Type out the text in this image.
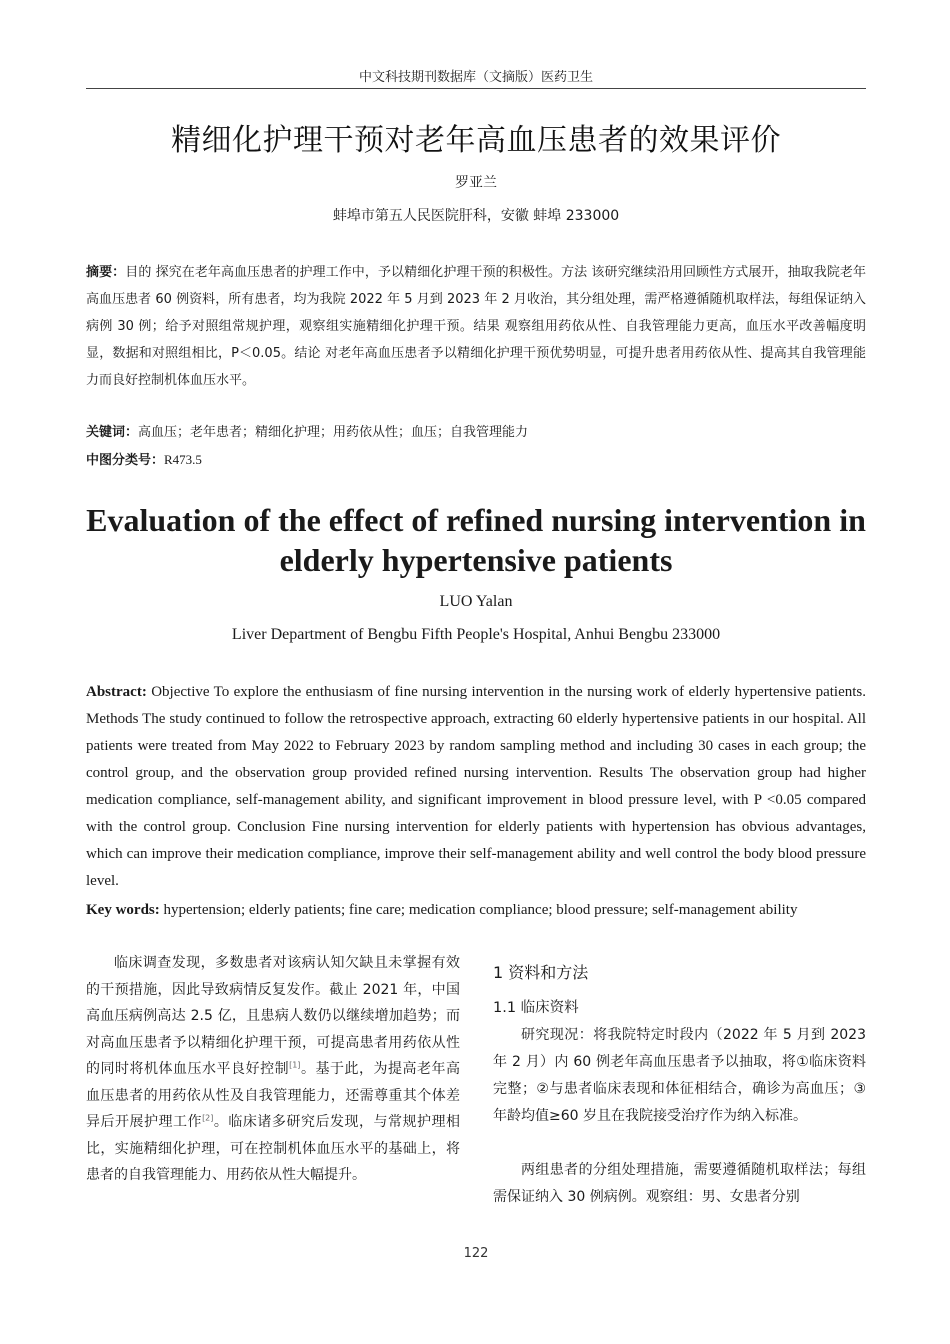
中文科技期刊数据库（文摘版）医药卫生
精细化护理干预对老年高血压患者的效果评价
罗亚兰
蚌埠市第五人民医院肝科，安徽 蚌埠 233000

摘要：目的 探究在老年高血压患者的护理工作中，予以精细化护理干预的积极性。方法 该研究继续沿用回顾性方式展开，抽取我院老年高血压患者 60 例资料，所有患者，均为我院 2022 年 5 月到 2023 年 2 月收治，其分组处理，需严格遵循随机取样法，每组保证纳入病例 30 例；给予对照组常规护理，观察组实施精细化护理干预。结果 观察组用药依从性、自我管理能力更高，血压水平改善幅度明显，数据和对照组相比，P＜0.05。结论 对老年高血压患者予以精细化护理干预优势明显，可提升患者用药依从性、提高其自我管理能力而良好控制机体血压水平。

关键词：高血压；老年患者；精细化护理；用药依从性；血压；自我管理能力

中图分类号：R473.5

Evaluation of the effect of refined nursing intervention in elderly hypertensive patients
LUO Yalan
Liver Department of Bengbu Fifth People's Hospital, Anhui Bengbu 233000

Abstract: Objective To explore the enthusiasm of fine nursing intervention in the nursing work of elderly hypertensive patients. Methods The study continued to follow the retrospective approach, extracting 60 elderly hypertensive patients in our hospital. All patients were treated from May 2022 to February 2023 by random sampling method and including 30 cases in each group; the control group, and the observation group provided refined nursing intervention. Results The observation group had higher medication compliance, self-management ability, and significant improvement in blood pressure level, with P <0.05 compared with the control group. Conclusion Fine nursing intervention for elderly patients with hypertension has obvious advantages, which can improve their medication compliance, improve their self-management ability and well control the body blood pressure level.

Key words: hypertension; elderly patients; fine care; medication compliance; blood pressure; self-management ability

临床调查发现，多数患者对该病认知欠缺且未掌握有效的干预措施，因此导致病情反复发作。截止 2021 年，中国高血压病例高达 2.5 亿，且患病人数仍以继续增加趋势；而对高血压患者予以精细化护理干预，可提高患者用药依从性的同时将机体血压水平良好控制[1]。基于此，为提高老年高血压患者的用药依从性及自我管理能力，还需尊重其个体差异后开展护理工作[2]。临床诸多研究后发现，与常规护理相比，实施精细化护理，可在控制机体血压水平的基础上，将患者的自我管理能力、用药依从性大幅提升。

1 资料和方法
1.1 临床资料

研究现况：将我院特定时段内（2022 年 5 月到 2023 年 2 月）内 60 例老年高血压患者予以抽取，将①临床资料完整；②与患者临床表现和体征相结合，确诊为高血压；③年龄均值≥60 岁且在我院接受治疗作为纳入标准。

两组患者的分组处理措施，需要遵循随机取样法；每组需保证纳入 30 例病例。观察组：男、女患者分别

122
